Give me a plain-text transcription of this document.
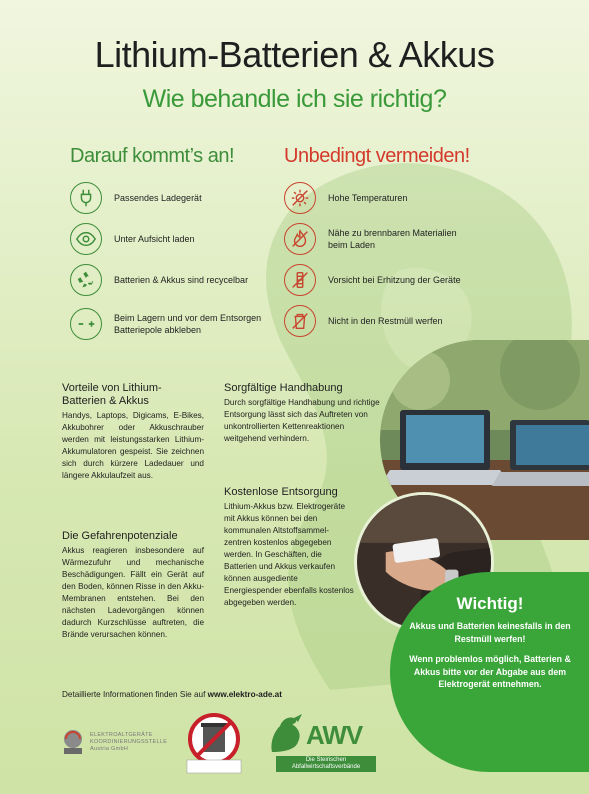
Lithium-Batterien & Akkus
Wie behandle ich sie richtig?
Darauf kommt’s an! Unbedingt vermeiden!
Passendes Ladegerät
Unter Aufsicht laden
Batterien & Akkus sind recycelbar
Beim Lagern und vor dem Entsorgen Batteriepole abkleben
Hohe Temperaturen
Nähe zu brennbaren Materialien beim Laden
Vorsicht bei Erhitzung der Geräte
Nicht in den Restmüll werfen
Vorteile von Lithium-Batterien & Akkus

Handys, Laptops, Digicams, E-Bikes, Akkubohrer oder Akkuschrauber werden mit leistungsstarken Lithium-Akkumulatoren gespeist. Sie zeichnen sich durch kürzere Ladedauer und längere Akkulaufzeit aus.

Die Gefahrenpotenziale

Akkus reagieren insbesondere auf Wärmezufuhr und mechanische Beschädigungen. Fällt ein Gerät auf den Boden, können Risse in den Akku-Membranen entstehen. Bei den nächsten Ladevorgängen können dadurch Kurzschlüsse auftreten, die Brände verursachen können.

Sorgfältige Handhabung

Durch sorgfältige Handhabung und richtige Entsorgung lässt sich das Auftreten von unkontrollierten Kettenreaktionen weitgehend verhindern.

Kostenlose Entsorgung

Lithium-Akkus bzw. Elektrogeräte mit Akkus können bei den kommunalen Altstoffsammel-zentren kostenlos abgegeben werden. In Geschäften, die Batterien und Akkus verkaufen können ausgediente Energiespender ebenfalls kostenlos abgegeben werden.	Wichtig!
Akkus und Batterien keinesfalls in den Restmüll werfen!
Wenn problemlos möglich, Batterien & Akkus bitte vor der Abgabe aus dem Elektrogerät entnehmen.
Detaillierte Informationen finden Sie auf www.elektro-ade.at
ELEKTROALTGERÄTE
KOORDINIERUNGSSTELLE
Austria GmbH	AWV
Die Steirischen
Abfallwirtschaftsverbände
